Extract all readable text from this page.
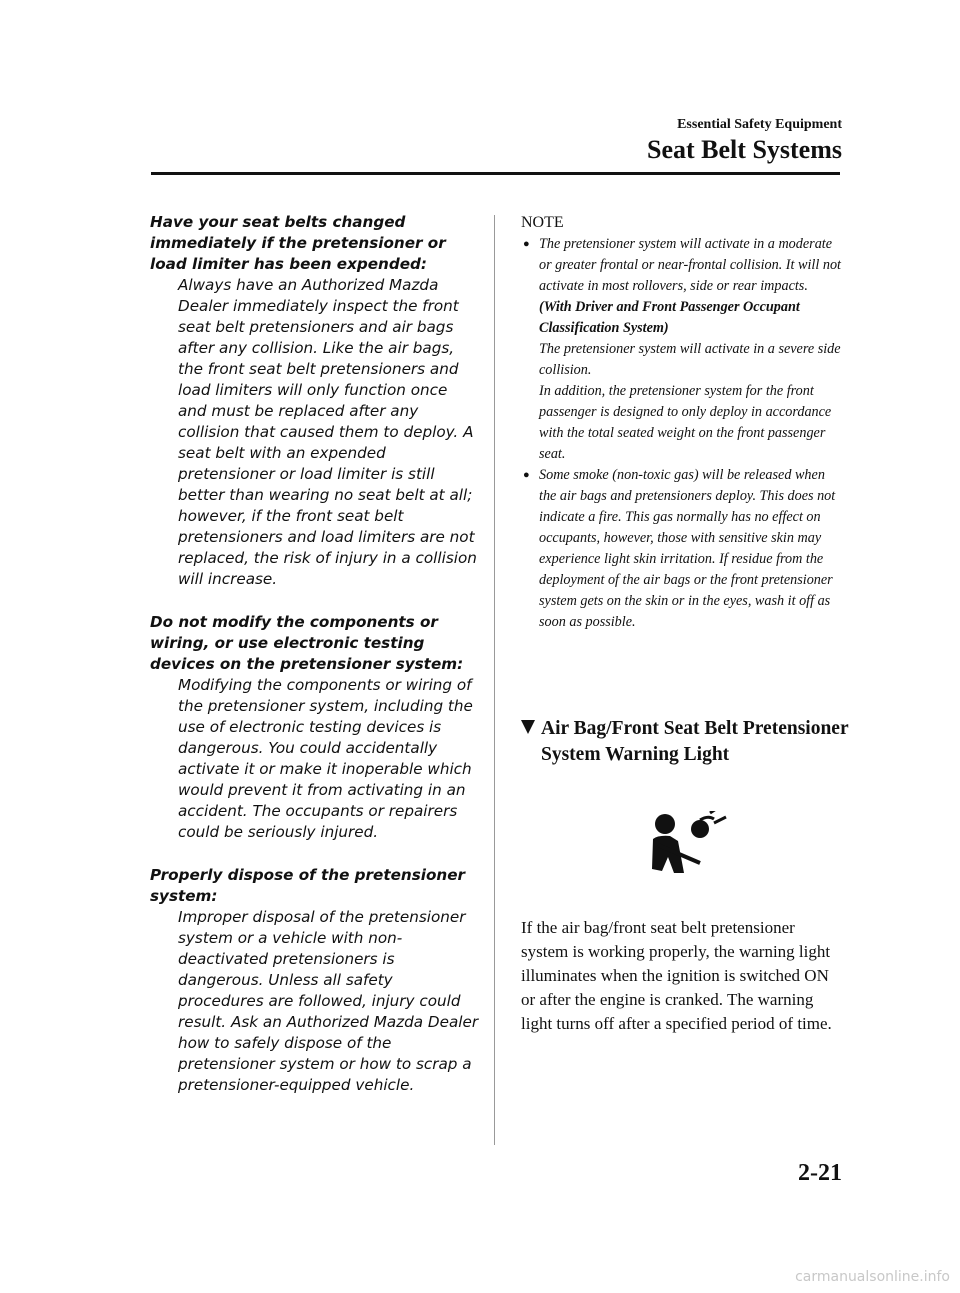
Essential Safety Equipment
Seat Belt Systems
Have your seat belts changed immediately if the pretensioner or load limiter has been expended:
Always have an Authorized Mazda Dealer immediately inspect the front seat belt pretensioners and air bags after any collision. Like the air bags, the front seat belt pretensioners and load limiters will only function once and must be replaced after any collision that caused them to deploy. A seat belt with an expended pretensioner or load limiter is still better than wearing no seat belt at all; however, if the front seat belt pretensioners and load limiters are not replaced, the risk of injury in a collision will increase.
Do not modify the components or wiring, or use electronic testing devices on the pretensioner system:
Modifying the components or wiring of the pretensioner system, including the use of electronic testing devices is dangerous. You could accidentally activate it or make it inoperable which would prevent it from activating in an accident. The occupants or repairers could be seriously injured.
Properly dispose of the pretensioner system:
Improper disposal of the pretensioner system or a vehicle with non-deactivated pretensioners is dangerous. Unless all safety procedures are followed, injury could result. Ask an Authorized Mazda Dealer how to safely dispose of the pretensioner system or how to scrap a pretensioner-equipped vehicle.
NOTE
● The pretensioner system will activate in a moderate or greater frontal or near-frontal collision. It will not activate in most rollovers, side or rear impacts.
(With Driver and Front Passenger Occupant Classification System)
The pretensioner system will activate in a severe side collision.
In addition, the pretensioner system for the front passenger is designed to only deploy in accordance with the total seated weight on the front passenger seat.
● Some smoke (non-toxic gas) will be released when the air bags and pretensioners deploy. This does not indicate a fire. This gas normally has no effect on occupants, however, those with sensitive skin may experience light skin irritation. If residue from the deployment of the air bags or the front pretensioner system gets on the skin or in the eyes, wash it off as soon as possible.
Air Bag/Front Seat Belt Pretensioner System Warning Light
If the air bag/front seat belt pretensioner system is working properly, the warning light illuminates when the ignition is switched ON or after the engine is cranked. The warning light turns off after a specified period of time.
2-21
carmanualsonline.info
